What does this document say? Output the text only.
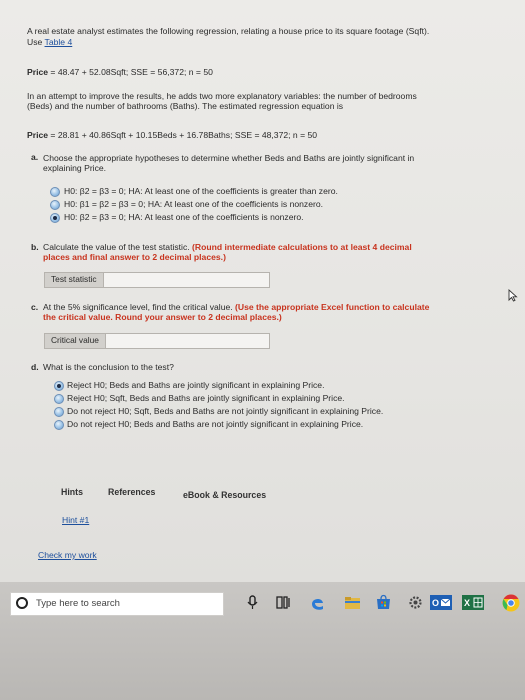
A real estate analyst estimates the following regression, relating a house price to its square footage (Sqft).
Use Table 4
Price = 48.47 + 52.08Sqft; SSE = 56,372; n = 50
In an attempt to improve the results, he adds two more explanatory variables: the number of bedrooms
(Beds) and the number of bathrooms (Baths). The estimated regression equation is
Price = 28.81 + 40.86Sqft + 10.15Beds + 16.78Baths; SSE = 48,372; n = 50
a. Choose the appropriate hypotheses to determine whether Beds and Baths are jointly significant in
explaining Price.
H0: β2 = β3 = 0; HA: At least one of the coefficients is greater than zero.
H0: β1 = β2 = β3 = 0; HA: At least one of the coefficients is nonzero.
H0: β2 = β3 = 0; HA: At least one of the coefficients is nonzero.
b. Calculate the value of the test statistic. (Round intermediate calculations to at least 4 decimal
places and final answer to 2 decimal places.)
Test statistic
c. At the 5% significance level, find the critical value. (Use the appropriate Excel function to calculate
the critical value. Round your answer to 2 decimal places.)
Critical value
d. What is the conclusion to the test?
Reject H0; Beds and Baths are jointly significant in explaining Price.
Reject H0; Sqft, Beds and Baths are jointly significant in explaining Price.
Do not reject H0; Sqft, Beds and Baths are not jointly significant in explaining Price.
Do not reject H0; Beds and Baths are not jointly significant in explaining Price.
Hints	References	eBook & Resources
Hint #1
Check my work
Type here to search	O	X
